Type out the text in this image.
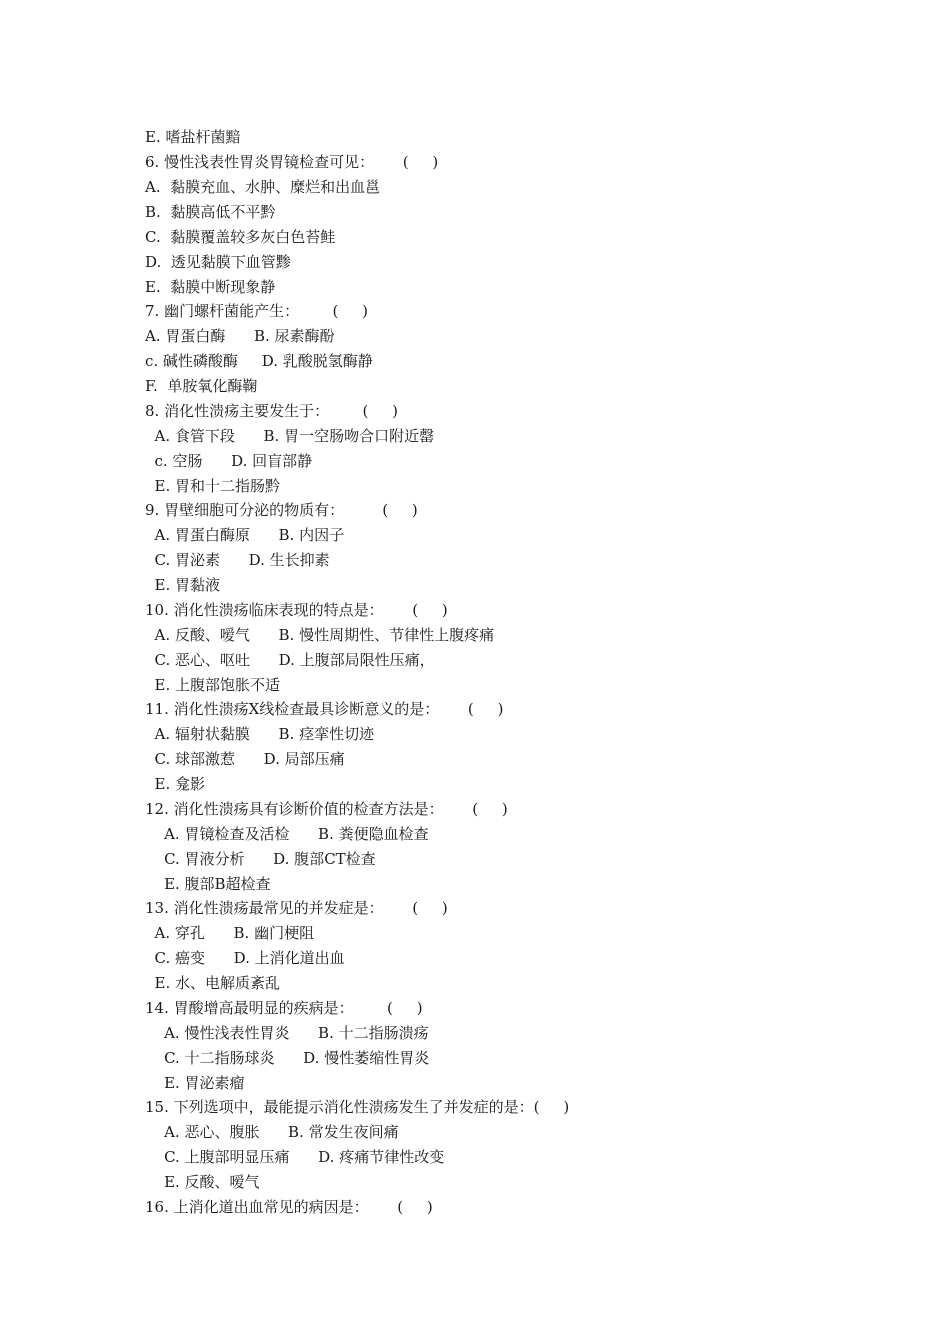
E. 嗜盐杆菌黯
6. 慢性浅表性胃炎胃镜检查可见：      (     )
A.  黏膜充血、水肿、糜烂和出血邕
B.  黏膜高低不平黔
C.  黏膜覆盖较多灰白色苔鲑
D.  透见黏膜下血管黪
E.  黏膜中断现象静
7. 幽门螺杆菌能产生：       (     )
A. 胃蛋白酶      B. 尿素酶酚
c. 碱性磷酸酶     D. 乳酸脱氢酶静
F.  单胺氧化酶鞠
8. 消化性溃疡主要发生于：       (     )
A. 食管下段      B. 胃一空肠吻合口附近罄
c. 空肠      D. 回盲部静
E. 胃和十二指肠黔
9. 胃壁细胞可分泌的物质有：        (     )
A. 胃蛋白酶原      B. 内因子
C. 胃泌素      D. 生长抑素
E. 胃黏液
10. 消化性溃疡临床表现的特点是：      (     )
A. 反酸、嗳气      B. 慢性周期性、节律性上腹疼痛
C. 恶心、呕吐      D. 上腹部局限性压痛，
E. 上腹部饱胀不适
11. 消化性溃疡X线检查最具诊断意义的是：      (     )
A. 辐射状黏膜      B. 痉挛性切迹
C. 球部激惹      D. 局部压痛
E. 龛影
12. 消化性溃疡具有诊断价值的检查方法是：      (     )
A. 胃镜检查及活检      B. 粪便隐血检查
C. 胃液分析      D. 腹部CT检查
E. 腹部B超检查
13. 消化性溃疡最常见的并发症是：      (     )
A. 穿孔      B. 幽门梗阻
C. 癌变      D. 上消化道出血
E. 水、电解质紊乱
14. 胃酸增高最明显的疾病是：       (     )
A. 慢性浅表性胃炎      B. 十二指肠溃疡
C. 十二指肠球炎      D. 慢性萎缩性胃炎
E. 胃泌素瘤
15. 下列选项中，最能提示消化性溃疡发生了并发症的是：(     )
A. 恶心、腹胀      B. 常发生夜间痛
C. 上腹部明显压痛      D. 疼痛节律性改变
E. 反酸、嗳气
16. 上消化道出血常见的病因是：      (     )
